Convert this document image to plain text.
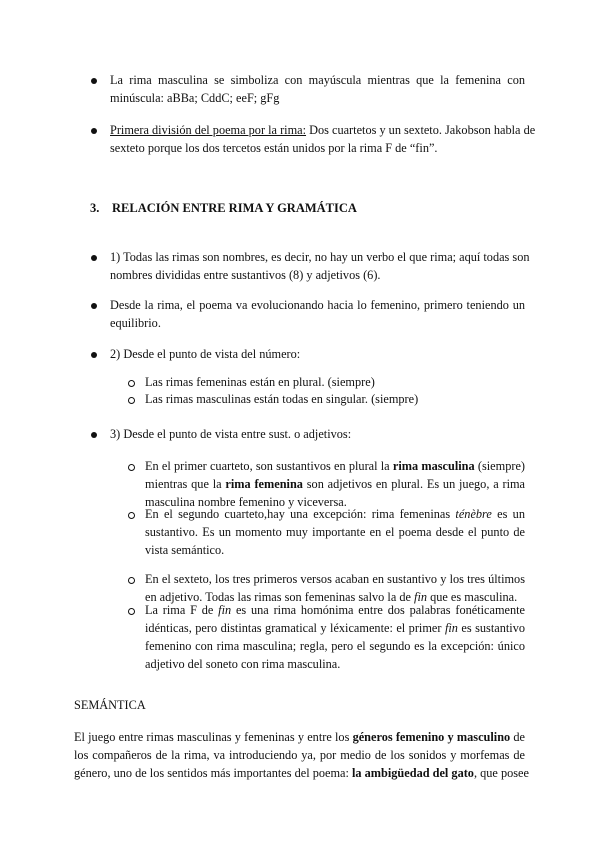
La rima masculina se simboliza con mayúscula mientras que la femenina con
minúscula: aBBa; CddC; eeF; gFg
Primera división del poema por la rima: Dos cuartetos y un sexteto. Jakobson habla de
sexteto porque los dos tercetos están unidos por la rima F de “fin”.
3. RELACIÓN ENTRE RIMA Y GRAMÁTICA
1) Todas las rimas son nombres, es decir, no hay un verbo el que rima; aquí todas son
nombres divididas entre sustantivos (8) y adjetivos (6).
Desde la rima, el poema va evolucionando hacia lo femenino, primero teniendo un
equilibrio.
2) Desde el punto de vista del número:
Las rimas femeninas están en plural. (siempre)
Las rimas masculinas están todas en singular. (siempre)
3) Desde el punto de vista entre sust. o adjetivos:
En el primer cuarteto, son sustantivos en plural la rima masculina (siempre)
mientras que la rima femenina son adjetivos en plural. Es un juego, a rima
masculina nombre femenino y viceversa.
En el segundo cuarteto,hay una excepción: rima femeninas ténèbre es un
sustantivo. Es un momento muy importante en el poema desde el punto de
vista semántico.
En el sexteto, los tres primeros versos acaban en sustantivo y los tres últimos
en adjetivo. Todas las rimas son femeninas salvo la de fin que es masculina.
La rima F de fin es una rima homónima entre dos palabras fonéticamente
idénticas, pero distintas gramatical y léxicamente: el primer fin es sustantivo
femenino con rima masculina; regla, pero el segundo es la excepción: único
adjetivo del soneto con rima masculina.
SEMÁNTICA
El juego entre rimas masculinas y femeninas y entre los géneros femenino y masculino de
los compañeros de la rima, va introduciendo ya, por medio de los sonidos y morfemas de
género, uno de los sentidos más importantes del poema: la ambigüedad del gato, que posee
